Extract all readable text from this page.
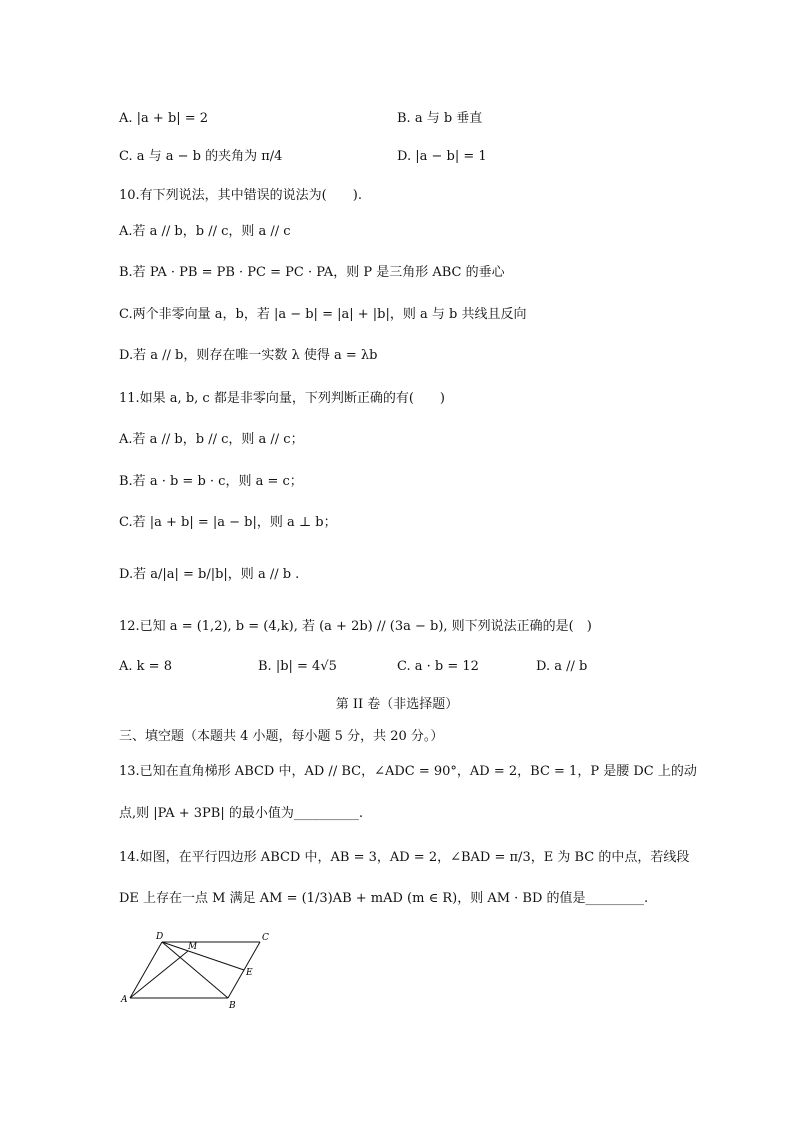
A. |a + b| = 2	B. a 与 b 垂直
C. a 与 a − b 的夹角为 π/4	D. |a − b| = 1
10.有下列说法，其中错误的说法为(　　).
A.若 a // b，b // c，则 a // c
B.若 PA · PB = PB · PC = PC · PA，则 P 是三角形 ABC 的垂心
C.两个非零向量 a，b，若 |a − b| = |a| + |b|，则 a 与 b 共线且反向
D.若 a // b，则存在唯一实数 λ 使得 a = λb
11.如果 a, b, c 都是非零向量，下列判断正确的有(　　)
A.若 a // b，b // c，则 a // c；
B.若 a · b = b · c，则 a = c；
C.若 |a + b| = |a − b|，则 a ⊥ b；
D.若 a/|a| = b/|b|，则 a // b .
12.已知 a = (1,2), b = (4,k), 若 (a + 2b) // (3a − b), 则下列说法正确的是(　)
A. k = 8	B. |b| = 4√5	C. a · b = 12	D. a // b
第 II 卷（非选择题）
三、填空题（本题共 4 小题，每小题 5 分，共 20 分。）
13.已知在直角梯形 ABCD 中，AD // BC，∠ADC = 90°，AD = 2，BC = 1，P 是腰 DC 上的动
点,则 |PA + 3PB| 的最小值为__________.
14.如图，在平行四边形 ABCD 中，AB = 3，AD = 2，∠BAD = π/3，E 为 BC 的中点，若线段
DE 上存在一点 M 满足 AM = (1/3)AB + mAD (m ∈ R)，则 AM · BD 的值是_________.
D	C
A
B
E
M
